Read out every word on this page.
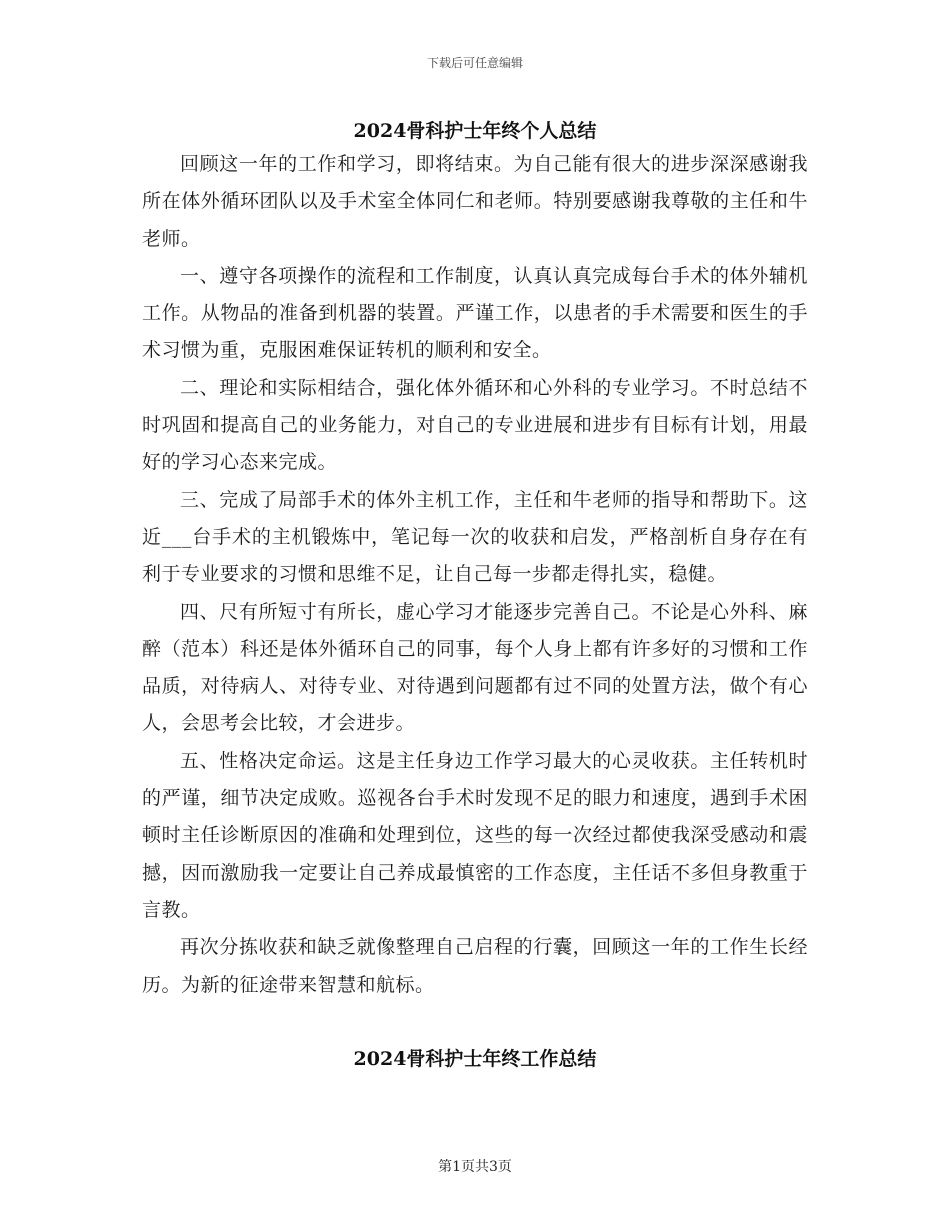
下载后可任意编辑
2024骨科护士年终个人总结

回顾这一年的工作和学习，即将结束。为自己能有很大的进步深深感谢我所在体外循环团队以及手术室全体同仁和老师。特别要感谢我尊敬的主任和牛老师。

一、遵守各项操作的流程和工作制度，认真认真完成每台手术的体外辅机工作。从物品的准备到机器的装置。严谨工作，以患者的手术需要和医生的手术习惯为重，克服困难保证转机的顺利和安全。

二、理论和实际相结合，强化体外循环和心外科的专业学习。不时总结不时巩固和提高自己的业务能力，对自己的专业进展和进步有目标有计划，用最好的学习心态来完成。

三、完成了局部手术的体外主机工作，主任和牛老师的指导和帮助下。这近___台手术的主机锻炼中，笔记每一次的收获和启发，严格剖析自身存在有利于专业要求的习惯和思维不足，让自己每一步都走得扎实，稳健。

四、尺有所短寸有所长，虚心学习才能逐步完善自己。不论是心外科、麻醉（范本）科还是体外循环自己的同事，每个人身上都有许多好的习惯和工作品质，对待病人、对待专业、对待遇到问题都有过不同的处置方法，做个有心人，会思考会比较，才会进步。

五、性格决定命运。这是主任身边工作学习最大的心灵收获。主任转机时的严谨，细节决定成败。巡视各台手术时发现不足的眼力和速度，遇到手术困顿时主任诊断原因的准确和处理到位，这些的每一次经过都使我深受感动和震撼，因而激励我一定要让自己养成最慎密的工作态度，主任话不多但身教重于言教。

再次分拣收获和缺乏就像整理自己启程的行囊，回顾这一年的工作生长经历。为新的征途带来智慧和航标。

2024骨科护士年终工作总结
第1页共3页
